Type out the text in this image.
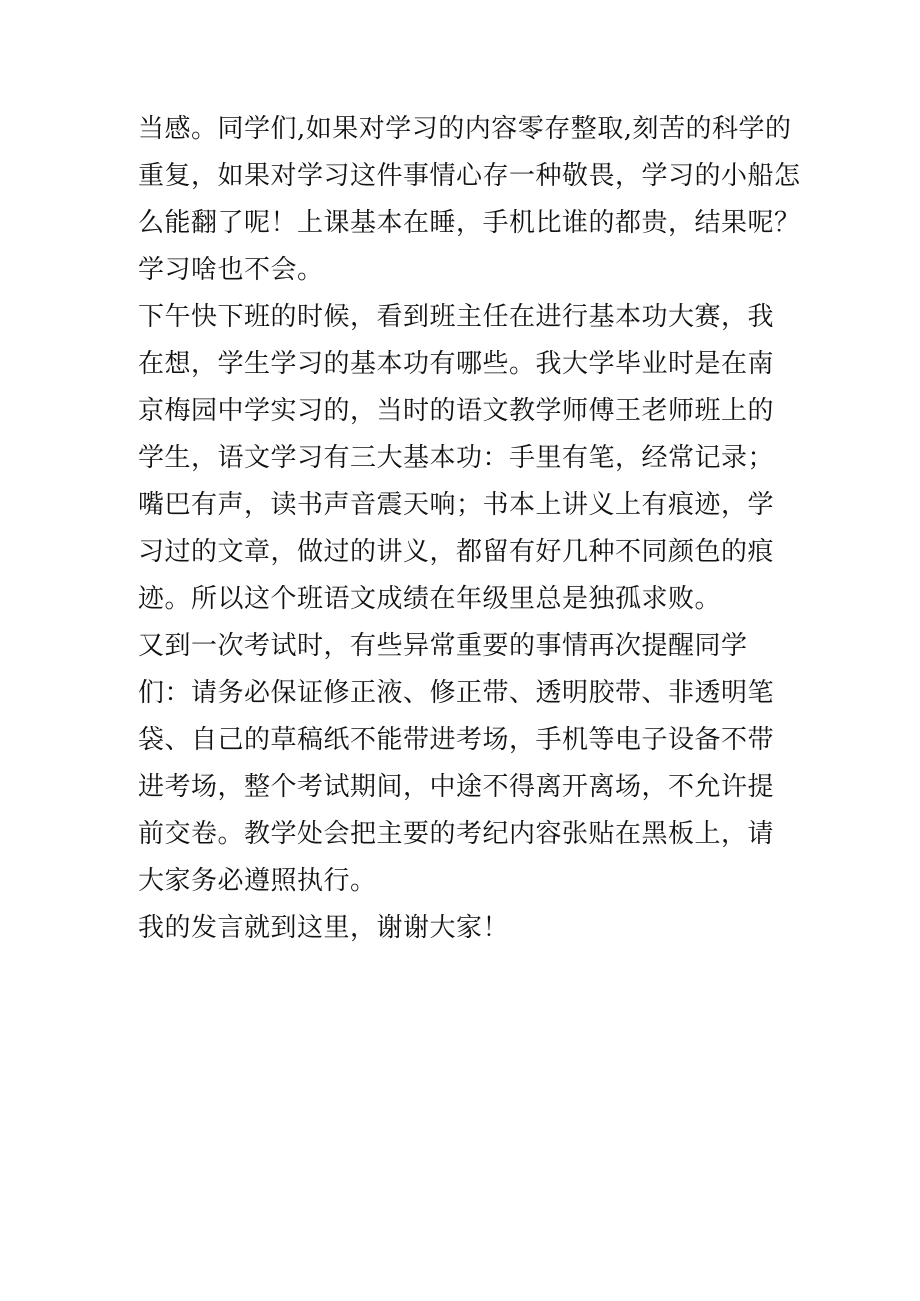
当感。同学们,如果对学习的内容零存整取,刻苦的科学的
重复，如果对学习这件事情心存一种敬畏，学习的小船怎
么能翻了呢！上课基本在睡，手机比谁的都贵，结果呢？
学习啥也不会。
下午快下班的时候，看到班主任在进行基本功大赛，我
在想，学生学习的基本功有哪些。我大学毕业时是在南
京梅园中学实习的，当时的语文教学师傅王老师班上的
学生，语文学习有三大基本功：手里有笔，经常记录；
嘴巴有声，读书声音震天响；书本上讲义上有痕迹，学
习过的文章，做过的讲义，都留有好几种不同颜色的痕
迹。所以这个班语文成绩在年级里总是独孤求败。
又到一次考试时，有些异常重要的事情再次提醒同学
们：请务必保证修正液、修正带、透明胶带、非透明笔
袋、自己的草稿纸不能带进考场，手机等电子设备不带
进考场，整个考试期间，中途不得离开离场，不允许提
前交卷。教学处会把主要的考纪内容张贴在黑板上，请
大家务必遵照执行。
我的发言就到这里，谢谢大家！
